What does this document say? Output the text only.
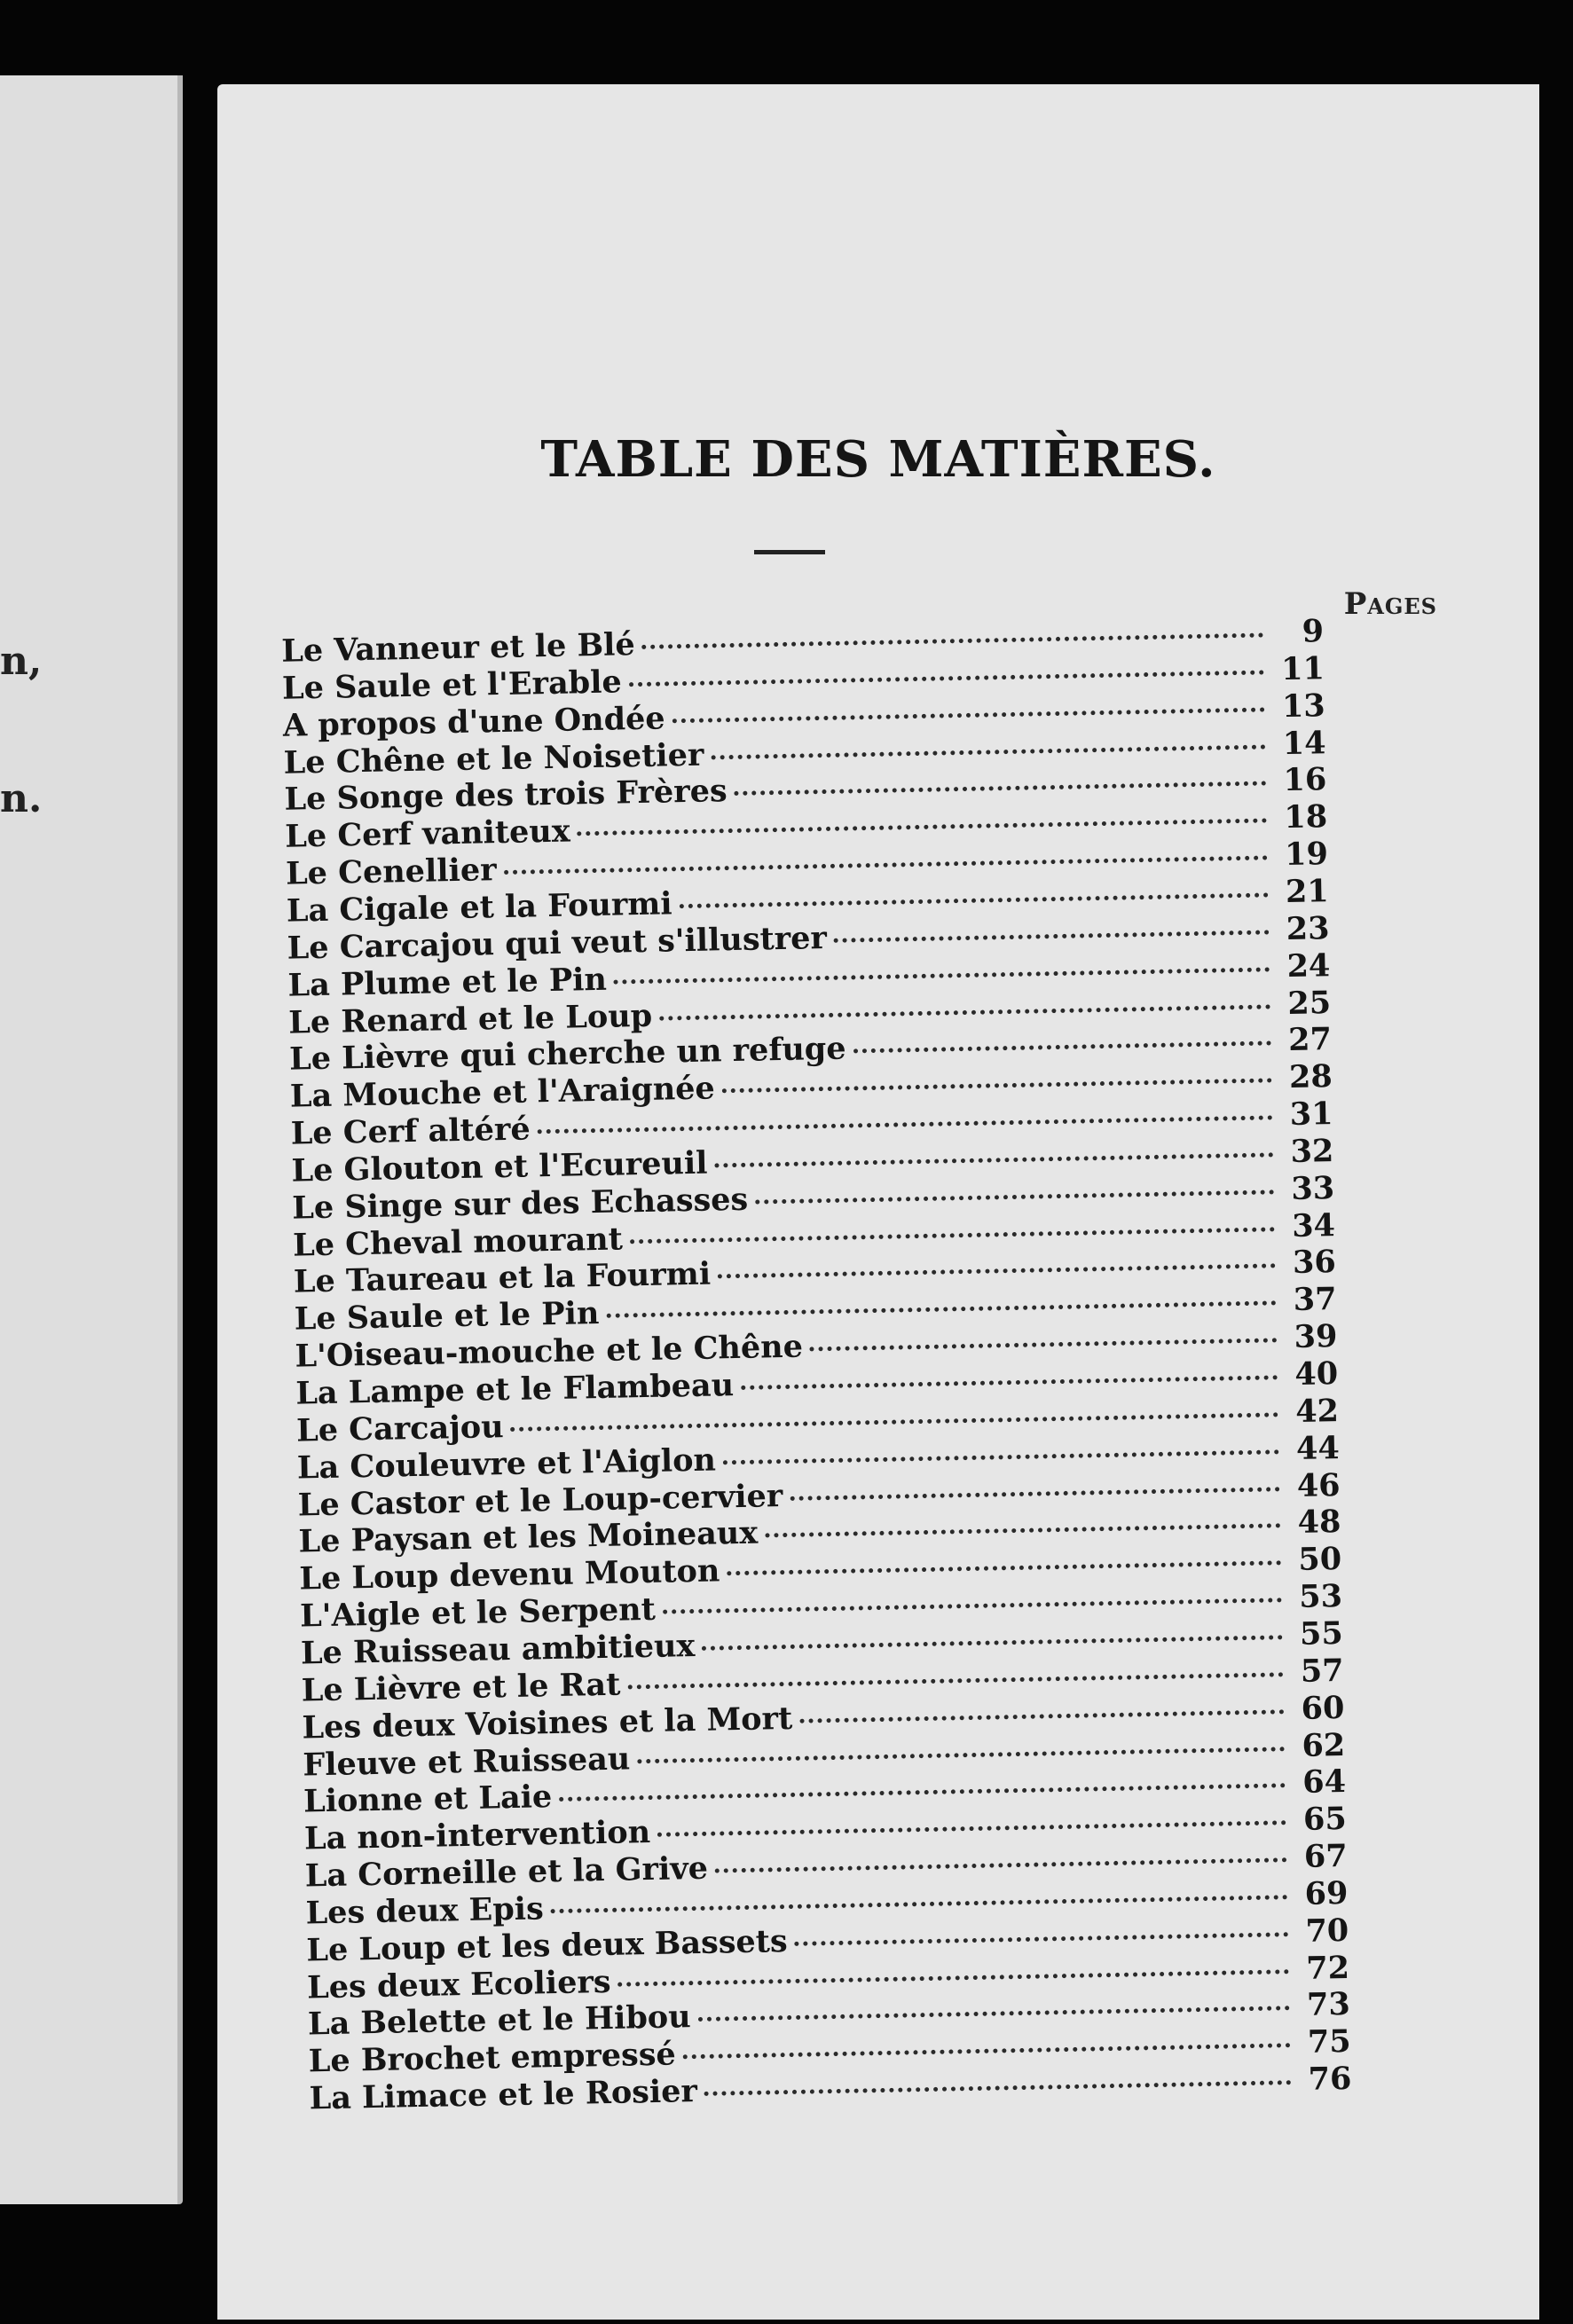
n,
n.
TABLE DES MATIÈRES.
Pages
Le Vanneur et le Blé	9
Le Saule et l'Erable	11
A propos d'une Ondée	13
Le Chêne et le Noisetier	14
Le Songe des trois Frères	16
Le Cerf vaniteux	18
Le Cenellier	19
La Cigale et la Fourmi	21
Le Carcajou qui veut s'illustrer	23
La Plume et le Pin	24
Le Renard et le Loup	25
Le Lièvre qui cherche un refuge	27
La Mouche et l'Araignée	28
Le Cerf altéré	31
Le Glouton et l'Ecureuil	32
Le Singe sur des Echasses	33
Le Cheval mourant	34
Le Taureau et la Fourmi	36
Le Saule et le Pin	37
L'Oiseau-mouche et le Chêne	39
La Lampe et le Flambeau	40
Le Carcajou	42
La Couleuvre et l'Aiglon	44
Le Castor et le Loup-cervier	46
Le Paysan et les Moineaux	48
Le Loup devenu Mouton	50
L'Aigle et le Serpent	53
Le Ruisseau ambitieux	55
Le Lièvre et le Rat	57
Les deux Voisines et la Mort	60
Fleuve et Ruisseau	62
Lionne et Laie	64
La non-intervention	65
La Corneille et la Grive	67
Les deux Epis	69
Le Loup et les deux Bassets	70
Les deux Ecoliers	72
La Belette et le Hibou	73
Le Brochet empressé	75
La Limace et le Rosier	76
